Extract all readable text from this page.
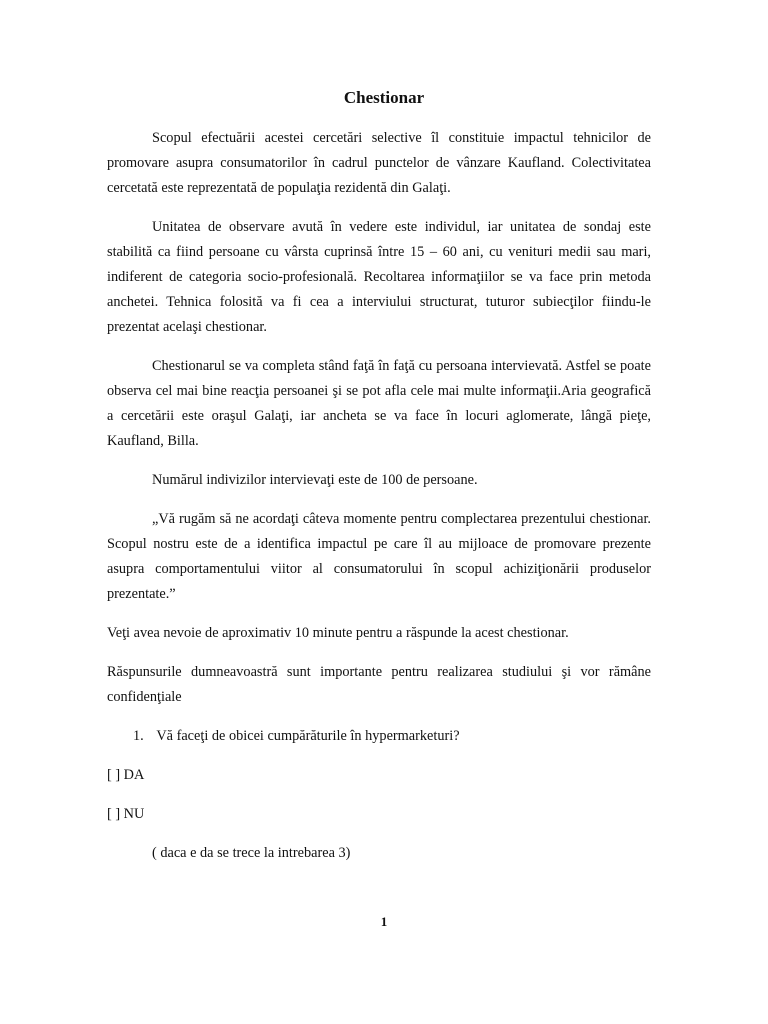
Chestionar

Scopul efectuării acestei cercetări selective îl constituie impactul tehnicilor de promovare asupra consumatorilor în cadrul punctelor de vânzare Kaufland. Colectivitatea cercetată este reprezentată de populaţia rezidentă din Galaţi.

Unitatea de observare avută în vedere este individul, iar unitatea de sondaj este stabilită ca fiind persoane cu vârsta cuprinsă între 15 – 60 ani, cu venituri medii sau mari, indiferent de categoria socio-profesională. Recoltarea informaţiilor se va face prin metoda anchetei. Tehnica folosită va fi cea a interviului structurat, tuturor subiecţilor fiindu-le prezentat acelaşi chestionar.

Chestionarul se va completa stând faţă în faţă cu persoana intervievată. Astfel se poate observa cel mai bine reacţia persoanei şi se pot afla cele mai multe informaţii.Aria geografică a cercetării este oraşul Galaţi, iar ancheta se va face în locuri aglomerate, lângă pieţe, Kaufland, Billa.

Numărul indivizilor intervievaţi este de 100 de persoane.

„Vă rugăm să ne acordaţi câteva momente pentru complectarea prezentului chestionar. Scopul nostru este de a identifica impactul pe care îl au mijloace de promovare prezente asupra comportamentului viitor al consumatorului în scopul achiziţionării produselor prezentate.”

Veţi avea nevoie de aproximativ 10 minute pentru a răspunde la acest chestionar.

Răspunsurile dumneavoastră sunt importante pentru realizarea studiului şi vor rămâne confidenţiale

1. Vă faceţi de obicei cumpărăturile în hypermarketuri?

[ ] DA

[ ] NU

( daca e da se trece la intrebarea 3)

1
